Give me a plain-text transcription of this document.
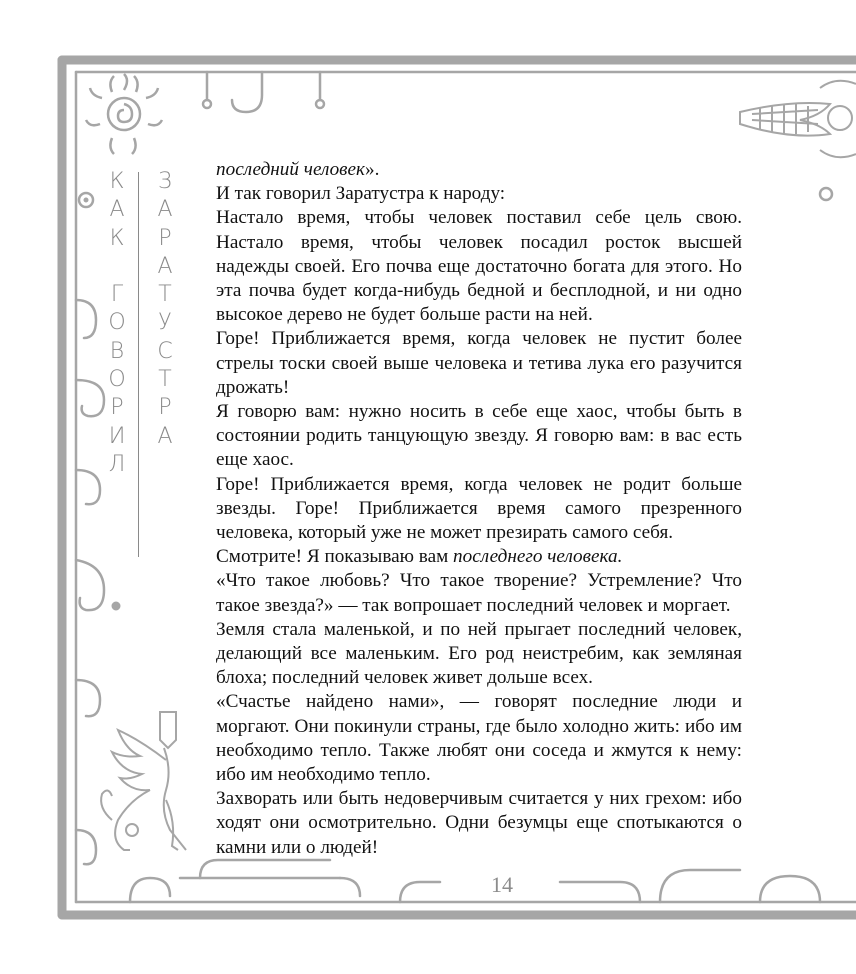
К
А
К
Г
О
В
О
Р
И
Л
З
А
Р
А
Т
У
С
Т
Р
А

последний человек».

И так говорил Заратустра к народу:

Настало время, чтобы человек поставил себе цель свою. Настало время, чтобы человек посадил росток высшей надежды своей. Его почва еще достаточно богата для этого. Но эта почва будет когда-нибудь бедной и бесплодной, и ни одно высокое дерево не будет больше расти на ней.

Горе! Приближается время, когда человек не пустит более стрелы тоски своей выше человека и тетива лука его разучится дрожать!

Я говорю вам: нужно носить в себе еще хаос, чтобы быть в состоянии родить танцующую звезду. Я говорю вам: в вас есть еще хаос.

Горе! Приближается время, когда человек не родит больше звезды. Горе! Приближается время самого презренного человека, который уже не может презирать самого себя.

Смотрите! Я показываю вам последнего человека.

«Что такое любовь? Что такое творение? Устремление? Что такое звезда?» — так вопрошает последний человек и моргает.

Земля стала маленькой, и по ней прыгает последний человек, делающий все маленьким. Его род неистребим, как земляная блоха; последний человек живет дольше всех.

«Счастье найдено нами», — говорят последние люди и моргают. Они покинули страны, где было холодно жить: ибо им необходимо тепло. Также любят они соседа и жмутся к нему: ибо им необходимо тепло.

Захворать или быть недоверчивым считается у них грехом: ибо ходят они осмотрительно. Одни безумцы еще спотыкаются о камни или о людей!

14
